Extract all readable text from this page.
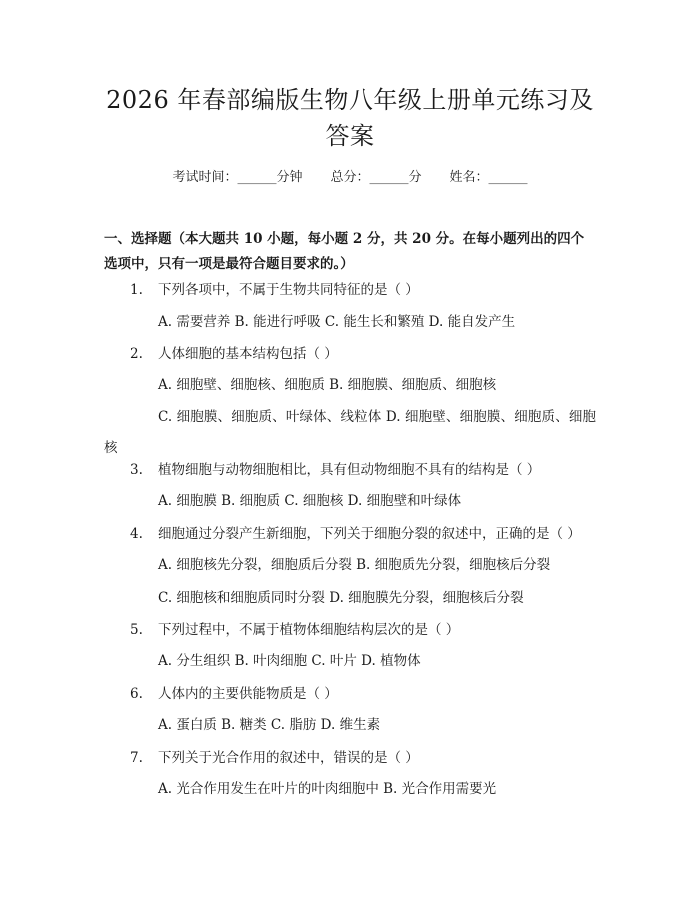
2026 年春部编版生物八年级上册单元练习及答案
考试时间：______分钟 总分：______分 姓名：______
一、选择题（本大题共 10 小题，每小题 2 分，共 20 分。在每小题列出的四个选项中，只有一项是最符合题目要求的。）
1. 下列各项中，不属于生物共同特征的是（ ）
A. 需要营养 B. 能进行呼吸 C. 能生长和繁殖 D. 能自发产生
2. 人体细胞的基本结构包括（ ）
A. 细胞壁、细胞核、细胞质 B. 细胞膜、细胞质、细胞核
C. 细胞膜、细胞质、叶绿体、线粒体 D. 细胞壁、细胞膜、细胞质、细胞核
3. 植物细胞与动物细胞相比，具有但动物细胞不具有的结构是（ ）
A. 细胞膜 B. 细胞质 C. 细胞核 D. 细胞壁和叶绿体
4. 细胞通过分裂产生新细胞，下列关于细胞分裂的叙述中，正确的是（ ）
A. 细胞核先分裂，细胞质后分裂 B. 细胞质先分裂，细胞核后分裂
C. 细胞核和细胞质同时分裂 D. 细胞膜先分裂，细胞核后分裂
5. 下列过程中，不属于植物体细胞结构层次的是（ ）
A. 分生组织 B. 叶肉细胞 C. 叶片 D. 植物体
6. 人体内的主要供能物质是（ ）
A. 蛋白质 B. 糖类 C. 脂肪 D. 维生素
7. 下列关于光合作用的叙述中，错误的是（ ）
A. 光合作用发生在叶片的叶肉细胞中 B. 光合作用需要光
